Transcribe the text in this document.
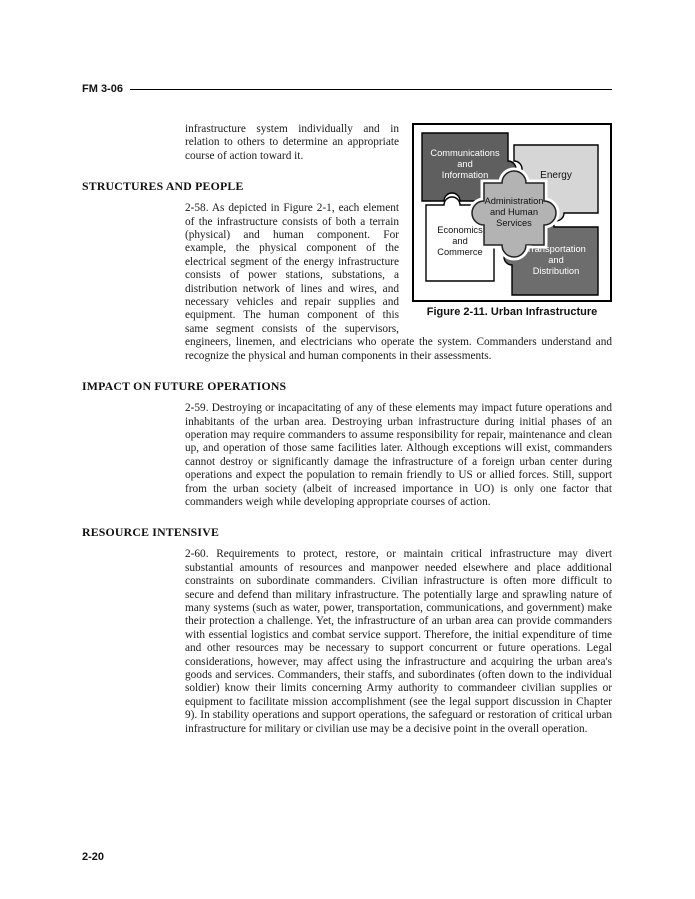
FM 3-06
Communications
and
Information	Energy
Administration
and Human
Services
Economics
and
Commerce	Transportation
and
Distribution
Figure 2-11. Urban Infrastructure

infrastructure system individually and in relation to others to determine an appropriate course of action toward it.

STRUCTURES AND PEOPLE

2-58. As depicted in Figure 2-1, each element of the infrastructure consists of both a terrain (physical) and human component. For example, the physical component of the electrical segment of the energy infrastructure consists of power stations, substations, a distribution network of lines and wires, and necessary vehicles and repair supplies and equipment. The human component of this same segment consists of the supervisors, engineers, linemen, and electricians who operate the system. Commanders understand and recognize the physical and human components in their assessments.

IMPACT ON FUTURE OPERATIONS

2-59. Destroying or incapacitating of any of these elements may impact future operations and inhabitants of the urban area. Destroying urban infrastructure during initial phases of an operation may require commanders to assume responsibility for repair, maintenance and clean up, and operation of those same facilities later. Although exceptions will exist, commanders cannot destroy or significantly damage the infrastructure of a foreign urban center during operations and expect the population to remain friendly to US or allied forces. Still, support from the urban society (albeit of increased importance in UO) is only one factor that commanders weigh while developing appropriate courses of action.

RESOURCE INTENSIVE

2-60. Requirements to protect, restore, or maintain critical infrastructure may divert substantial amounts of resources and manpower needed elsewhere and place additional constraints on subordinate commanders. Civilian infrastructure is often more difficult to secure and defend than military infrastructure. The potentially large and sprawling nature of many systems (such as water, power, transportation, communications, and government) make their protection a challenge. Yet, the infrastructure of an urban area can provide commanders with essential logistics and combat service support. Therefore, the initial expenditure of time and other resources may be necessary to support concurrent or future operations. Legal considerations, however, may affect using the infrastructure and acquiring the urban area's goods and services. Commanders, their staffs, and subordinates (often down to the individual soldier) know their limits concerning Army authority to commandeer civilian supplies or equipment to facilitate mission accomplishment (see the legal support discussion in Chapter 9). In stability operations and support operations, the safeguard or restoration of critical urban infrastructure for military or civilian use may be a decisive point in the overall operation.

2-20
